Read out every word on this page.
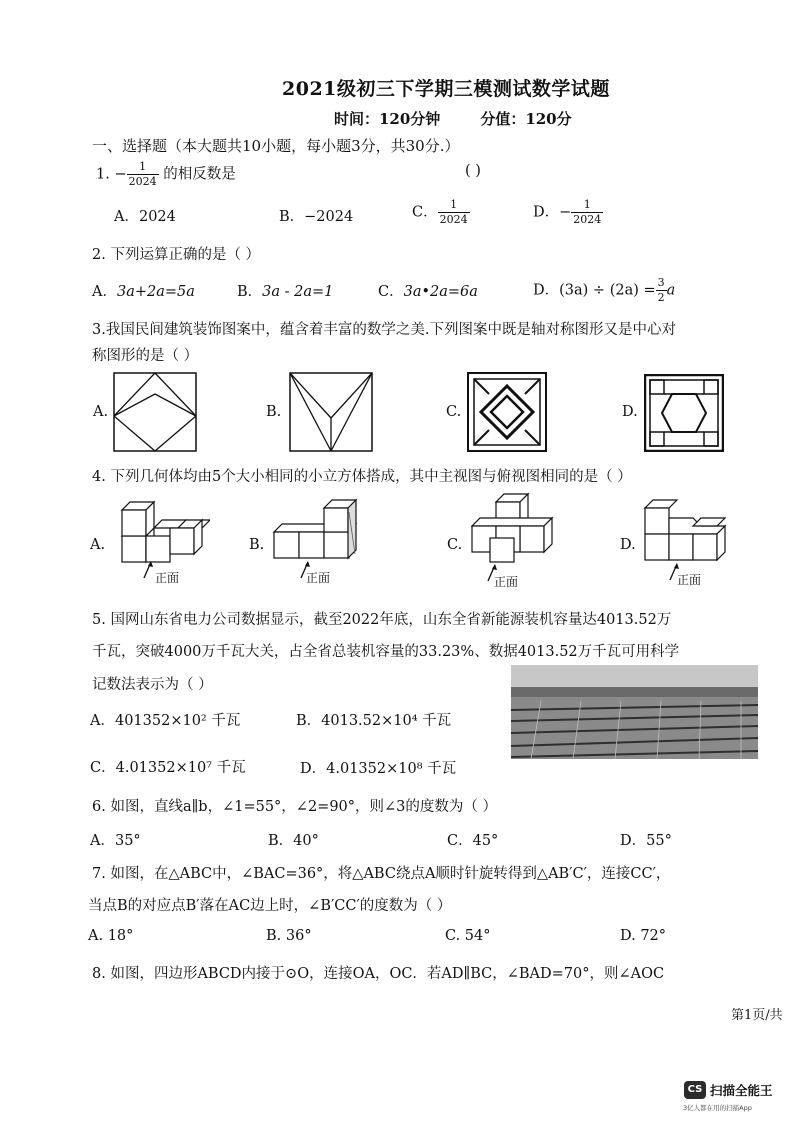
2021级初三下学期三模测试数学试题
时间：120分钟	分值：120分
一、选择题（本大题共10小题，每小题3分，共30分.）
1. − $\frac{1}{2024}$ 的相反数是	( )
A．2024	B．−2024	C． $\frac{1}{2024}$	D．− $\frac{1}{2024}$
2. 下列运算正确的是（ ）
A．3a+2a=5a	B．3a - 2a=1	C．3a•2a=6a	D．$(3a) \div (2a) = \frac{3}{2}$ a
3.我国民间建筑装饰图案中，蕴含着丰富的数学之美.下列图案中既是轴对称图形又是中心对
称图形的是（ ）
A.	B.	C.	D.
4. 下列几何体均由5个大小相同的小立方体搭成，其中主视图与俯视图相同的是（ ）
A.
正面
B.
正面
C.
正面
D.
正面
5. 国网山东省电力公司数据显示，截至2022年底，山东全省新能源装机容量达4013.52万
千瓦，突破4000万千瓦大关，占全省总装机容量的33.23%、数据4013.52万千瓦可用科学
记数法表示为（ ）
A．401352×10² 千瓦	B．4013.52×10⁴ 千瓦
C．4.01352×10⁷ 千瓦	D．4.01352×10⁸ 千瓦
6. 如图，直线a∥b，∠1=55°，∠2=90°，则∠3的度数为（ ）
A．35°	B．40°	C．45°	D．55°
7. 如图，在△ABC中，∠BAC=36°，将△ABC绕点A顺时针旋转得到△AB′C′，连接CC′，
当点B的对应点B′落在AC边上时，∠B′CC′的度数为（ ）
A. 18°	B. 36°	C. 54°	D. 72°
8. 如图，四边形ABCD内接于⊙O，连接OA，OC．若AD∥BC，∠BAD=70°，则∠AOC
第1页/共
CS 扫描全能王
3亿人都在用的扫描App
